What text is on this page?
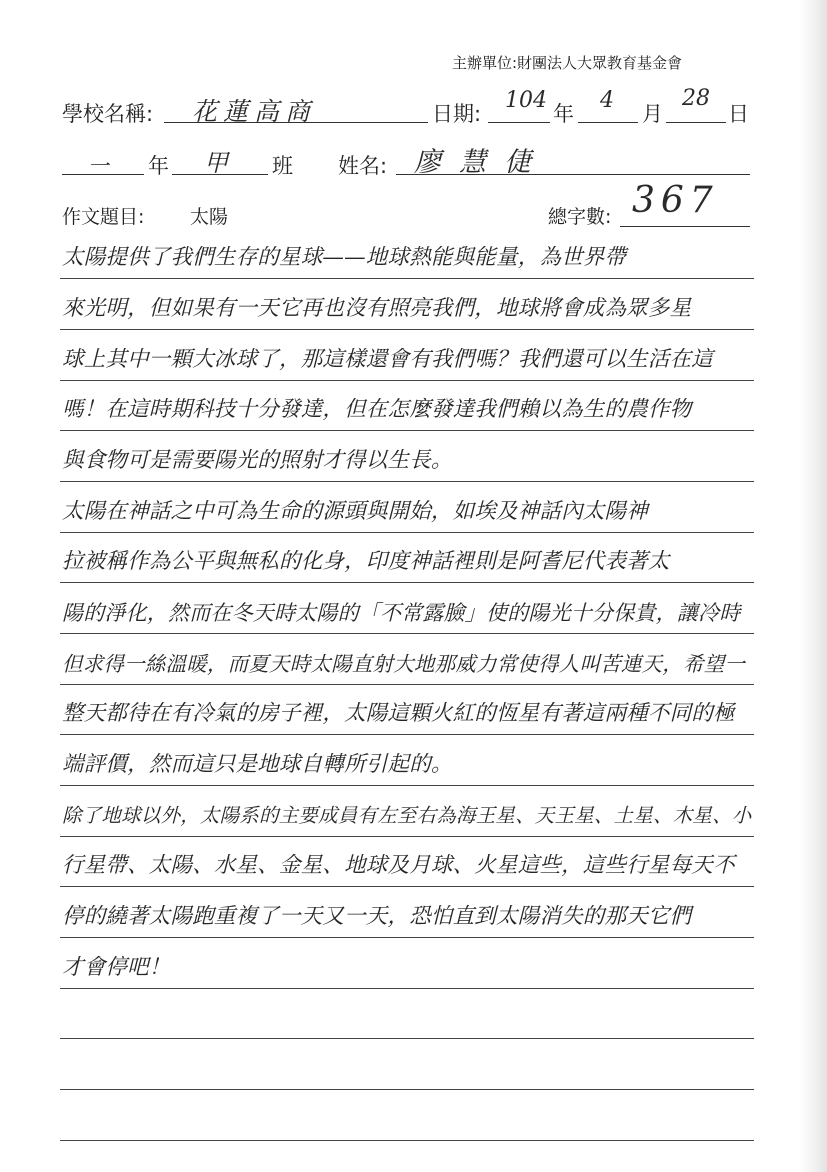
主辦單位:財團法人大眾教育基金會
學校名稱: 花蓮高商	日期:
104
年
4
月
28
日
一 年 甲 班 姓名: 廖慧倢
作文題目: 太陽	總字數: 367
太陽提供了我們生存的星球——地球熱能與能量，為世界帶
來光明，但如果有一天它再也沒有照亮我們，地球將會成為眾多星
球上其中一顆大冰球了，那這樣還會有我們嗎？我們還可以生活在這
嗎！在這時期科技十分發達，但在怎麼發達我們賴以為生的農作物
與食物可是需要陽光的照射才得以生長。
太陽在神話之中可為生命的源頭與開始，如埃及神話內太陽神
拉被稱作為公平與無私的化身，印度神話裡則是阿耆尼代表著太
陽的淨化，然而在冬天時太陽的「不常露臉」使的陽光十分保貴，讓冷時
但求得一絲溫暖，而夏天時太陽直射大地那威力常使得人叫苦連天，希望一
整天都待在有冷氣的房子裡，太陽這顆火紅的恆星有著這兩種不同的極
端評價，然而這只是地球自轉所引起的。
除了地球以外，太陽系的主要成員有左至右為海王星、天王星、土星、木星、小
行星帶、太陽、水星、金星、地球及月球、火星這些，這些行星每天不
停的繞著太陽跑重複了一天又一天，恐怕直到太陽消失的那天它們
才會停吧！
